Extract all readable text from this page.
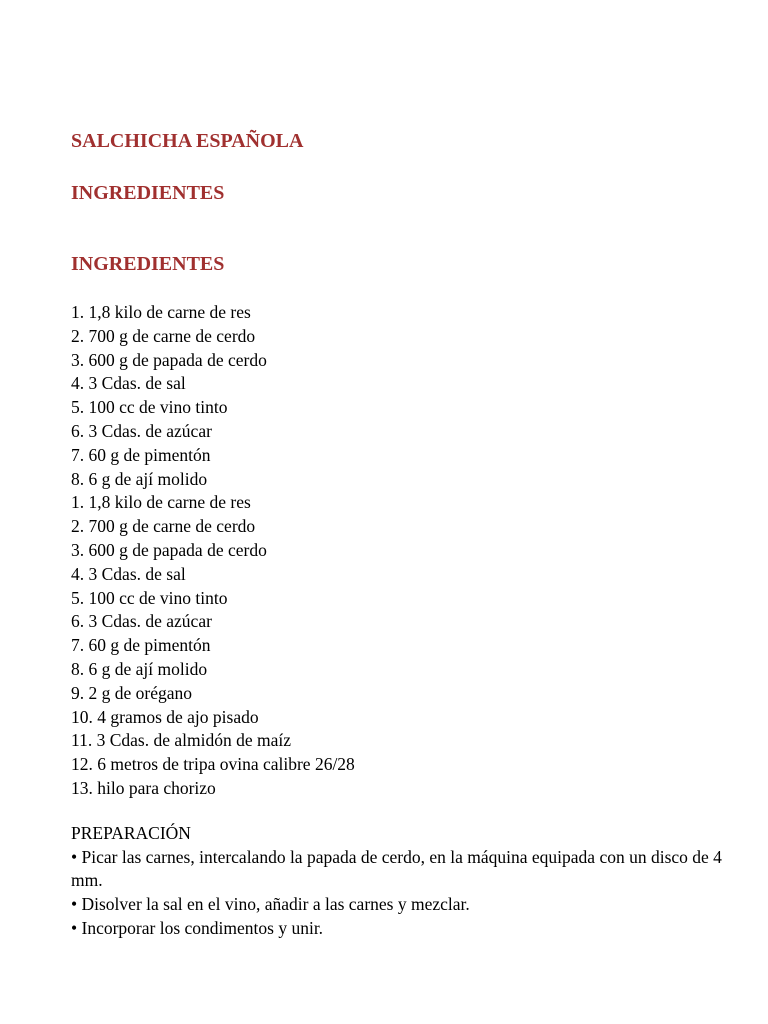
SALCHICHA ESPAÑOLA
INGREDIENTES
INGREDIENTES
1. 1,8 kilo de carne de res
2. 700 g de carne de cerdo
3. 600 g de papada de cerdo
4. 3 Cdas. de sal
5. 100 cc de vino tinto
6. 3 Cdas. de azúcar
7. 60 g de pimentón
8. 6 g de ají molido
1. 1,8 kilo de carne de res
2. 700 g de carne de cerdo
3. 600 g de papada de cerdo
4. 3 Cdas. de sal
5. 100 cc de vino tinto
6. 3 Cdas. de azúcar
7. 60 g de pimentón
8. 6 g de ají molido
9. 2 g de orégano
10. 4 gramos de ajo pisado
11. 3 Cdas. de almidón de maíz
12. 6 metros de tripa ovina calibre 26/28
13. hilo para chorizo
PREPARACIÓN
• Picar las carnes, intercalando la papada de cerdo, en la máquina equipada con un disco de 4 mm.
• Disolver la sal en el vino, añadir a las carnes y mezclar.
• Incorporar los condimentos y unir.
